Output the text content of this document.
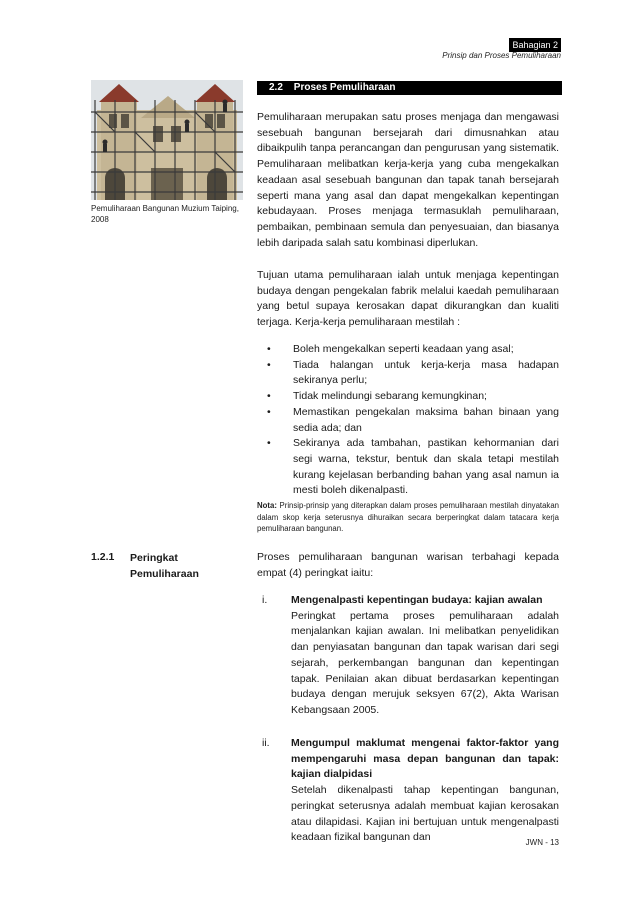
Bahagian 2
Prinsip dan Proses Pemuliharaan
Pemuliharaan Bangunan Muzium Taiping, 2008
2.2 Proses Pemuliharaan
Pemuliharaan merupakan satu proses menjaga dan mengawasi sesebuah bangunan bersejarah dari dimusnahkan atau dibaikpulih tanpa perancangan dan pengurusan yang sistematik. Pemuliharaan melibatkan kerja-kerja yang cuba mengekalkan keadaan asal sesebuah bangunan dan tapak tanah bersejarah seperti mana yang asal dan dapat mengekalkan kepentingan kebudayaan. Proses menjaga termasuklah pemuliharaan, pembaikan, pembinaan semula dan penyesuaian, dan biasanya lebih daripada salah satu kombinasi diperlukan.
Tujuan utama pemuliharaan ialah untuk menjaga kepentingan budaya dengan pengekalan fabrik melalui kaedah pemuliharaan yang betul supaya kerosakan dapat dikurangkan dan kualiti terjaga. Kerja-kerja pemuliharaan mestilah :
• Boleh mengekalkan seperti keadaan yang asal;
• Tiada halangan untuk kerja-kerja masa hadapan sekiranya perlu;
• Tidak melindungi sebarang kemungkinan;
• Memastikan pengekalan maksima bahan binaan yang sedia ada; dan
• Sekiranya ada tambahan, pastikan kehormanian dari segi warna, tekstur, bentuk dan skala tetapi mestilah kurang kejelasan berbanding bahan yang asal namun ia mesti boleh dikenalpasti.
Nota: Prinsip-prinsip yang diterapkan dalam proses pemuliharaan mestilah dinyatakan dalam skop kerja seterusnya dihuraikan secara berperingkat dalam tatacara kerja pemuliharaan bangunan.
1.2.1 Peringkat Pemuliharaan
Proses pemuliharaan bangunan warisan terbahagi kepada empat (4) peringkat iaitu:
i. Mengenalpasti kepentingan budaya: kajian awalan
Peringkat pertama proses pemuliharaan adalah menjalankan kajian awalan. Ini melibatkan penyelidikan dan penyiasatan bangunan dan tapak warisan dari segi sejarah, perkembangan bangunan dan kepentingan tapak. Penilaian akan dibuat berdasarkan kepentingan budaya dengan merujuk seksyen 67(2), Akta Warisan Kebangsaan 2005.
ii. Mengumpul maklumat mengenai faktor-faktor yang mempengaruhi masa depan bangunan dan tapak: kajian dialpidasi
Setelah dikenalpasti tahap kepentingan bangunan, peringkat seterusnya adalah membuat kajian kerosakan atau dilapidasi. Kajian ini bertujuan untuk mengenalpasti keadaan fizikal bangunan dan	JWN - 13
